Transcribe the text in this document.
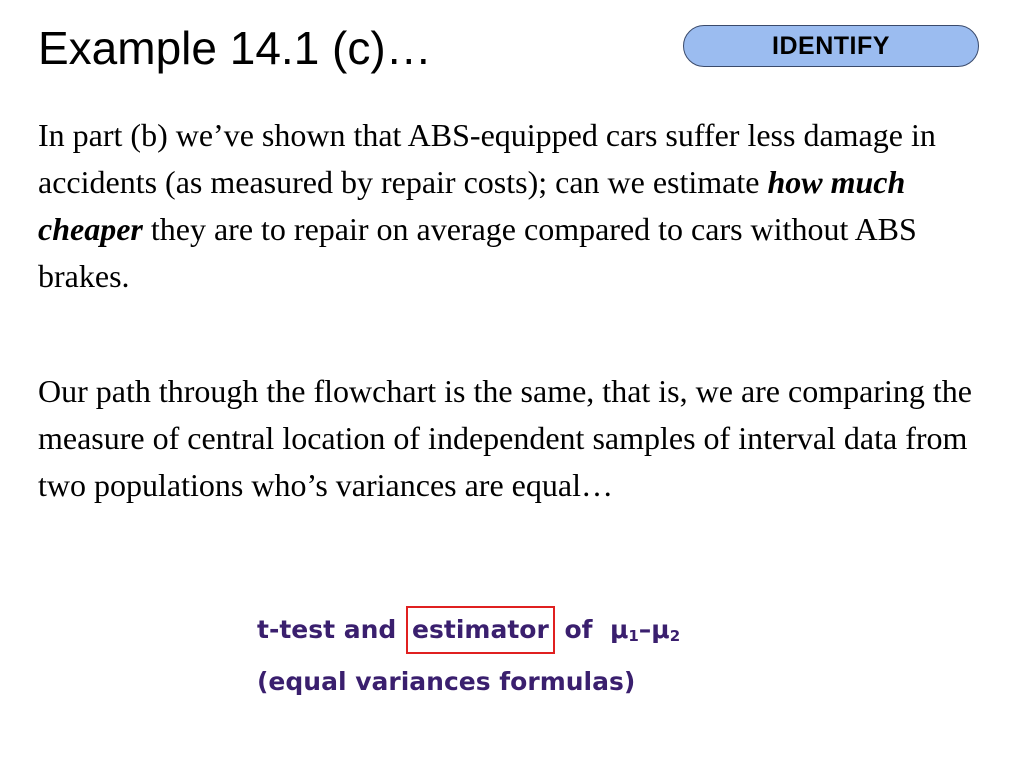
Example 14.1 (c)…	IDENTIFY
In part (b) we’ve shown that ABS-equipped cars suffer less damage in accidents (as measured by repair costs); can we estimate how much cheaper they are to repair on average compared to cars without ABS brakes.
Our path through the flowchart is the same, that is, we are comparing the measure of central location of independent samples of interval data from two populations who’s variances are equal…
t-test and estimator of  $\mu_1-\mu_2$
(equal variances formulas)
